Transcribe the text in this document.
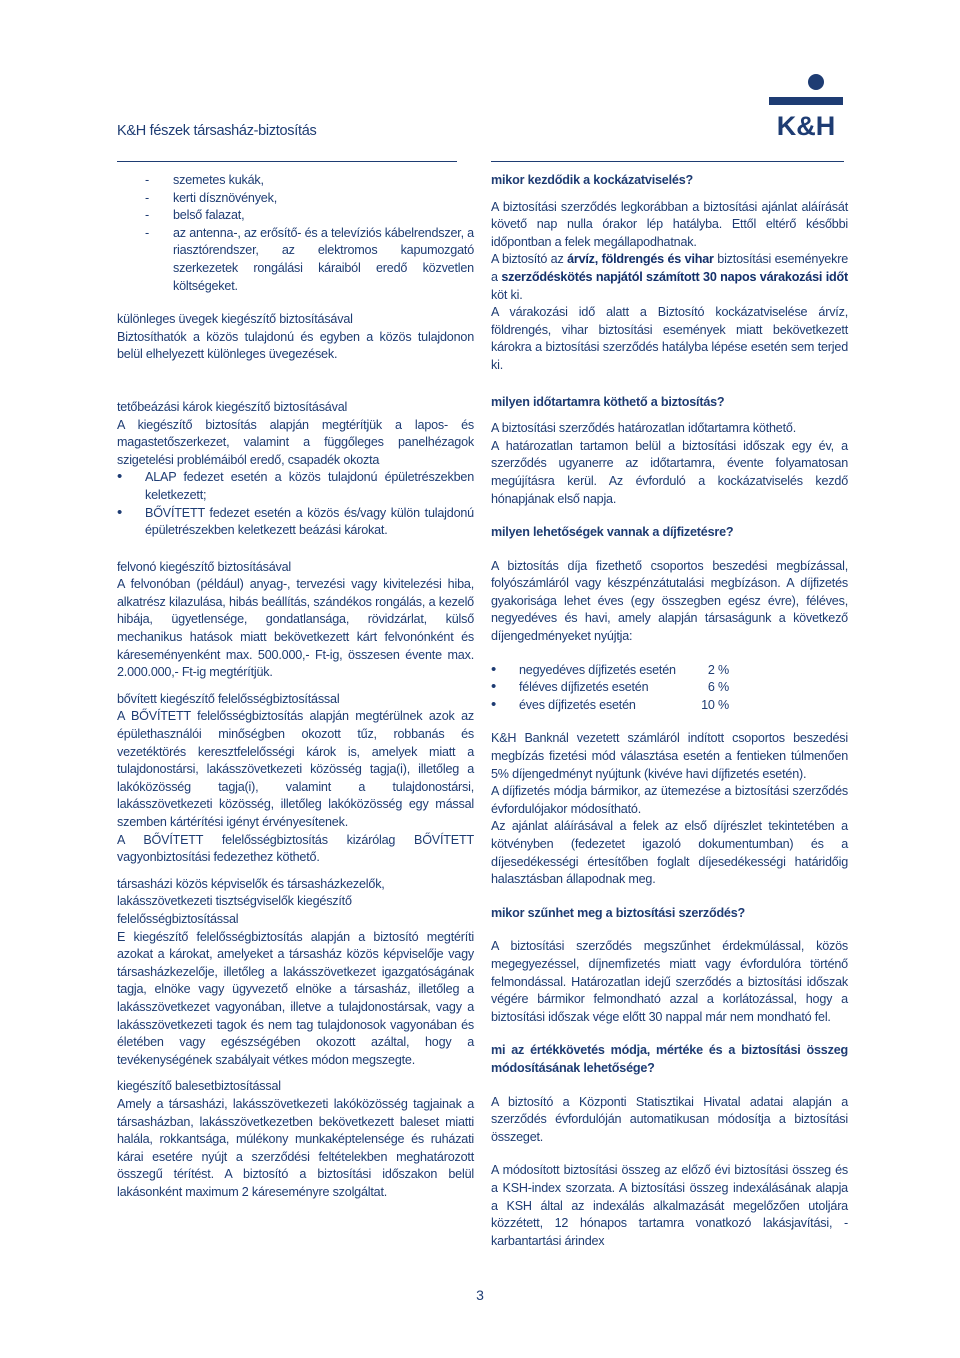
K&H fészek társasház-biztosítás	K&H
- szemetes kukák,
- kerti dísznövények,
- belső falazat,
- az antenna-, az erősítő- és a televíziós kábelrendszer, a riasztórendszer, az elektromos kapumozgató szerkezetek rongálási káraiból eredő közvetlen költségeket.

különleges üvegek kiegészítő biztosításával

Biztosíthatók a közös tulajdonú és egyben a közös tulajdonon belül elhelyezett különleges üvegezések.

tetőbeázási károk kiegészítő biztosításával

A kiegészítő biztosítás alapján megtérítjük a lapos- és magastetőszerkezet, valamint a függőleges panelhézagok szigetelési problémáiból eredő, csapadék okozta

• ALAP fedezet esetén a közös tulajdonú épületrészekben keletkezett;
• BŐVÍTETT fedezet esetén a közös és/vagy külön tulajdonú épületrészekben keletkezett beázási károkat.

felvonó kiegészítő biztosításával

A felvonóban (például) anyag-, tervezési vagy kivitelezési hiba, alkatrész kilazulása, hibás beállítás, szándékos rongálás, a kezelő hibája, ügyetlensége, gondatlansága, rövidzárlat, külső mechanikus hatások miatt bekövetkezett kárt felvonónként és káreseményenként max. 500.000,- Ft-ig, összesen évente max. 2.000.000,- Ft-ig megtérítjük.

bővített kiegészítő felelősségbiztosítással

A BŐVÍTETT felelősségbiztosítás alapján megtérülnek azok az épülethasználói minőségben okozott tűz, robbanás és vezetéktörés keresztfelelősségi károk is, amelyek miatt a tulajdonostársi, lakásszövetkezeti közösség tagja(i), illetőleg a lakóközösség tagja(i), valamint a tulajdonostársi, lakásszövetkezeti közösség, illetőleg lakóközösség egy mással szemben kártérítési igényt érvényesítenek.

A BŐVÍTETT felelősségbiztosítás kizárólag BŐVÍTETT vagyonbiztosítási fedezethez köthető.

társasházi közös képviselők és társasházkezelők, lakásszövetkezeti tisztségviselők kiegészítő felelősségbiztosítással

E kiegészítő felelősségbiztosítás alapján a biztosító megtéríti azokat a károkat, amelyeket a társasház közös képviselője vagy társasházkezelője, illetőleg a lakásszövetkezet igazgatóságának tagja, elnöke vagy ügyvezető elnöke a társasház, illetőleg a lakásszövetkezet vagyonában, illetve a tulajdonostársak, vagy a lakásszövetkezeti tagok és nem tag tulajdonosok vagyonában és életében vagy egészségében okozott azáltal, hogy a tevékenységének szabályait vétkes módon megszegte.

kiegészítő balesetbiztosítással

Amely a társasházi, lakásszövetkezeti lakóközösség tagjainak a társasházban, lakásszövetkezetben bekövetkezett baleset miatti halála, rokkantsága, múlékony munkaképtelensége és ruházati kárai esetére nyújt a szerződési feltételekben meghatározott összegű térítést. A biztosító a biztosítási időszakon belül lakásonként maximum 2 káreseményre szolgáltat.

mikor kezdődik a kockázatviselés?

A biztosítási szerződés legkorábban a biztosítási ajánlat aláírását követő nap nulla órakor lép hatályba. Ettől eltérő későbbi időpontban a felek megállapodhatnak.

A biztosító az árvíz, földrengés és vihar biztosítási eseményekre a szerződéskötés napjától számított 30 napos várakozási időt köt ki.

A várakozási idő alatt a Biztosító kockázatviselése árvíz, földrengés, vihar biztosítási események miatt bekövetkezett károkra a biztosítási szerződés hatályba lépése esetén sem terjed ki.

milyen időtartamra köthető a biztosítás?

A biztosítási szerződés határozatlan időtartamra köthető.

A határozatlan tartamon belül a biztosítási időszak egy év, a szerződés ugyanerre az időtartamra, évente folyamatosan megújításra kerül. Az évforduló a kockázatviselés kezdő hónapjának első napja.

milyen lehetőségek vannak a díjfizetésre?

A biztosítás díja fizethető csoportos beszedési megbízással, folyószámláról vagy készpénzátutalási megbízáson. A díjfizetés gyakorisága lehet éves (egy összegben egész évre), féléves, negyedéves és havi, amely alapján társaságunk a következő díjengedményeket nyújtja:

• negyedéves díjfizetés esetén	2 %
• féléves díjfizetés esetén	6 %
• éves díjfizetés esetén	10 %

K&H Banknál vezetett számláról indított csoportos beszedési megbízás fizetési mód választása esetén a fentieken túlmenően 5% díjengedményt nyújtunk (kivéve havi díjfizetés esetén).

A díjfizetés módja bármikor, az ütemezése a biztosítási szerződés évfordulójakor módosítható.

Az ajánlat aláírásával a felek az első díjrészlet tekintetében a kötvényben (fedezetet igazoló dokumentumban) és a díjesedékességi értesítőben foglalt díjesedékességi határidőig halasztásban állapodnak meg.

mikor szűnhet meg a biztosítási szerződés?

A biztosítási szerződés megszűnhet érdekmúlással, közös megegyezéssel, díjnemfizetés miatt vagy évfordulóra történő felmondással. Határozatlan idejű szerződés a biztosítási időszak végére bármikor felmondható azzal a korlátozással, hogy a biztosítási időszak vége előtt 30 nappal már nem mondható fel.

mi az értékkövetés módja, mértéke és a biztosítási összeg módosításának lehetősége?

A biztosító a Központi Statisztikai Hivatal adatai alapján a szerződés évfordulóján automatikusan módosítja a biztosítási összeget.

A módosított biztosítási összeg az előző évi biztosítási összeg és a KSH-index szorzata. A biztosítási összeg indexálásának alapja a KSH által az indexálás alkalmazását megelőzően utoljára közzétett, 12 hónapos tartamra vonatkozó lakásjavítási, -karbantartási árindex

3
